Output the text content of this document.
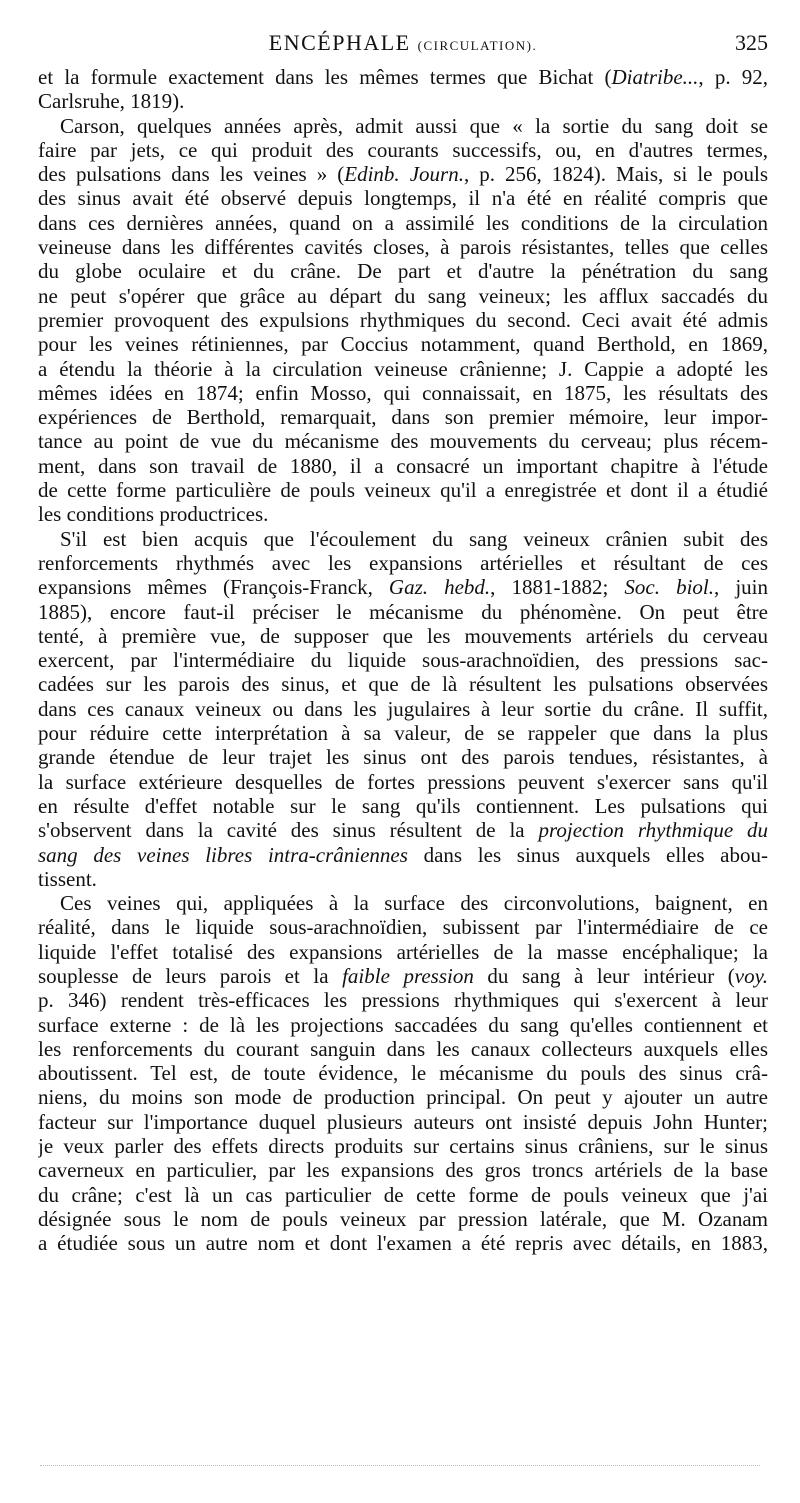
ENCÉPHALE (CIRCULATION).	325
et la formule exactement dans les mêmes termes que Bichat (Diatribe..., p. 92,
Carlsruhe, 1819).
Carson, quelques années après, admit aussi que « la sortie du sang doit se
faire par jets, ce qui produit des courants successifs, ou, en d'autres termes,
des pulsations dans les veines » (Edinb. Journ., p. 256, 1824). Mais, si le pouls
des sinus avait été observé depuis longtemps, il n'a été en réalité compris que
dans ces dernières années, quand on a assimilé les conditions de la circulation
veineuse dans les différentes cavités closes, à parois résistantes, telles que celles
du globe oculaire et du crâne. De part et d'autre la pénétration du sang
ne peut s'opérer que grâce au départ du sang veineux; les afflux saccadés du
premier provoquent des expulsions rhythmiques du second. Ceci avait été admis
pour les veines rétiniennes, par Coccius notamment, quand Berthold, en 1869,
a étendu la théorie à la circulation veineuse crânienne; J. Cappie a adopté les
mêmes idées en 1874; enfin Mosso, qui connaissait, en 1875, les résultats des
expériences de Berthold, remarquait, dans son premier mémoire, leur impor-
tance au point de vue du mécanisme des mouvements du cerveau; plus récem-
ment, dans son travail de 1880, il a consacré un important chapitre à l'étude
de cette forme particulière de pouls veineux qu'il a enregistrée et dont il a étudié
les conditions productrices.
S'il est bien acquis que l'écoulement du sang veineux crânien subit des
renforcements rhythmés avec les expansions artérielles et résultant de ces
expansions mêmes (François-Franck, Gaz. hebd., 1881-1882; Soc. biol., juin
1885), encore faut-il préciser le mécanisme du phénomène. On peut être
tenté, à première vue, de supposer que les mouvements artériels du cerveau
exercent, par l'intermédiaire du liquide sous-arachnoïdien, des pressions sac-
cadées sur les parois des sinus, et que de là résultent les pulsations observées
dans ces canaux veineux ou dans les jugulaires à leur sortie du crâne. Il suffit,
pour réduire cette interprétation à sa valeur, de se rappeler que dans la plus
grande étendue de leur trajet les sinus ont des parois tendues, résistantes, à
la surface extérieure desquelles de fortes pressions peuvent s'exercer sans qu'il
en résulte d'effet notable sur le sang qu'ils contiennent. Les pulsations qui
s'observent dans la cavité des sinus résultent de la projection rhythmique du
sang des veines libres intra-crâniennes dans les sinus auxquels elles abou-
tissent.
Ces veines qui, appliquées à la surface des circonvolutions, baignent, en
réalité, dans le liquide sous-arachnoïdien, subissent par l'intermédiaire de ce
liquide l'effet totalisé des expansions artérielles de la masse encéphalique; la
souplesse de leurs parois et la faible pression du sang à leur intérieur (voy.
p. 346) rendent très-efficaces les pressions rhythmiques qui s'exercent à leur
surface externe : de là les projections saccadées du sang qu'elles contiennent et
les renforcements du courant sanguin dans les canaux collecteurs auxquels elles
aboutissent. Tel est, de toute évidence, le mécanisme du pouls des sinus crâ-
niens, du moins son mode de production principal. On peut y ajouter un autre
facteur sur l'importance duquel plusieurs auteurs ont insisté depuis John Hunter;
je veux parler des effets directs produits sur certains sinus crâniens, sur le sinus
caverneux en particulier, par les expansions des gros troncs artériels de la base
du crâne; c'est là un cas particulier de cette forme de pouls veineux que j'ai
désignée sous le nom de pouls veineux par pression latérale, que M. Ozanam
a étudiée sous un autre nom et dont l'examen a été repris avec détails, en 1883,
